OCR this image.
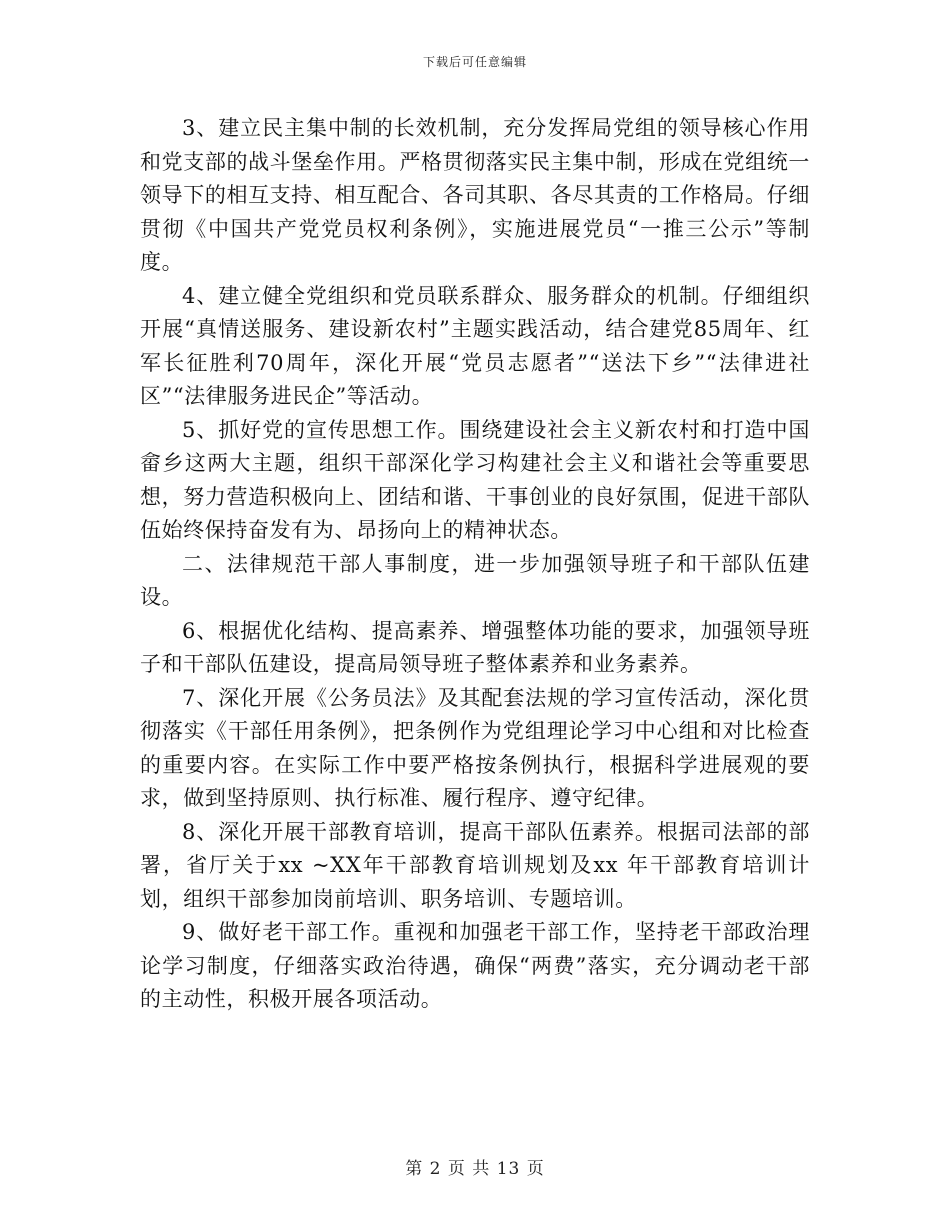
下载后可任意编辑

3、建立民主集中制的长效机制，充分发挥局党组的领导核心作用和党支部的战斗堡垒作用。严格贯彻落实民主集中制，形成在党组统一领导下的相互支持、相互配合、各司其职、各尽其责的工作格局。仔细贯彻《中国共产党党员权利条例》，实施进展党员“一推三公示”等制度。

4、建立健全党组织和党员联系群众、服务群众的机制。仔细组织开展“真情送服务、建设新农村”主题实践活动，结合建党85周年、红军长征胜利70周年，深化开展“党员志愿者”“送法下乡”“法律进社区”“法律服务进民企”等活动。

5、抓好党的宣传思想工作。围绕建设社会主义新农村和打造中国畲乡这两大主题，组织干部深化学习构建社会主义和谐社会等重要思想，努力营造积极向上、团结和谐、干事创业的良好氛围，促进干部队伍始终保持奋发有为、昂扬向上的精神状态。

二、法律规范干部人事制度，进一步加强领导班子和干部队伍建设。

6、根据优化结构、提高素养、增强整体功能的要求，加强领导班子和干部队伍建设，提高局领导班子整体素养和业务素养。

7、深化开展《公务员法》及其配套法规的学习宣传活动，深化贯彻落实《干部任用条例》，把条例作为党组理论学习中心组和对比检查的重要内容。在实际工作中要严格按条例执行，根据科学进展观的要求，做到坚持原则、执行标准、履行程序、遵守纪律。

8、深化开展干部教育培训，提高干部队伍素养。根据司法部的部署，省厅关于xx ~XX年干部教育培训规划及xx 年干部教育培训计划，组织干部参加岗前培训、职务培训、专题培训。

9、做好老干部工作。重视和加强老干部工作，坚持老干部政治理论学习制度，仔细落实政治待遇，确保“两费”落实，充分调动老干部的主动性，积极开展各项活动。

第 2 页 共 13 页
